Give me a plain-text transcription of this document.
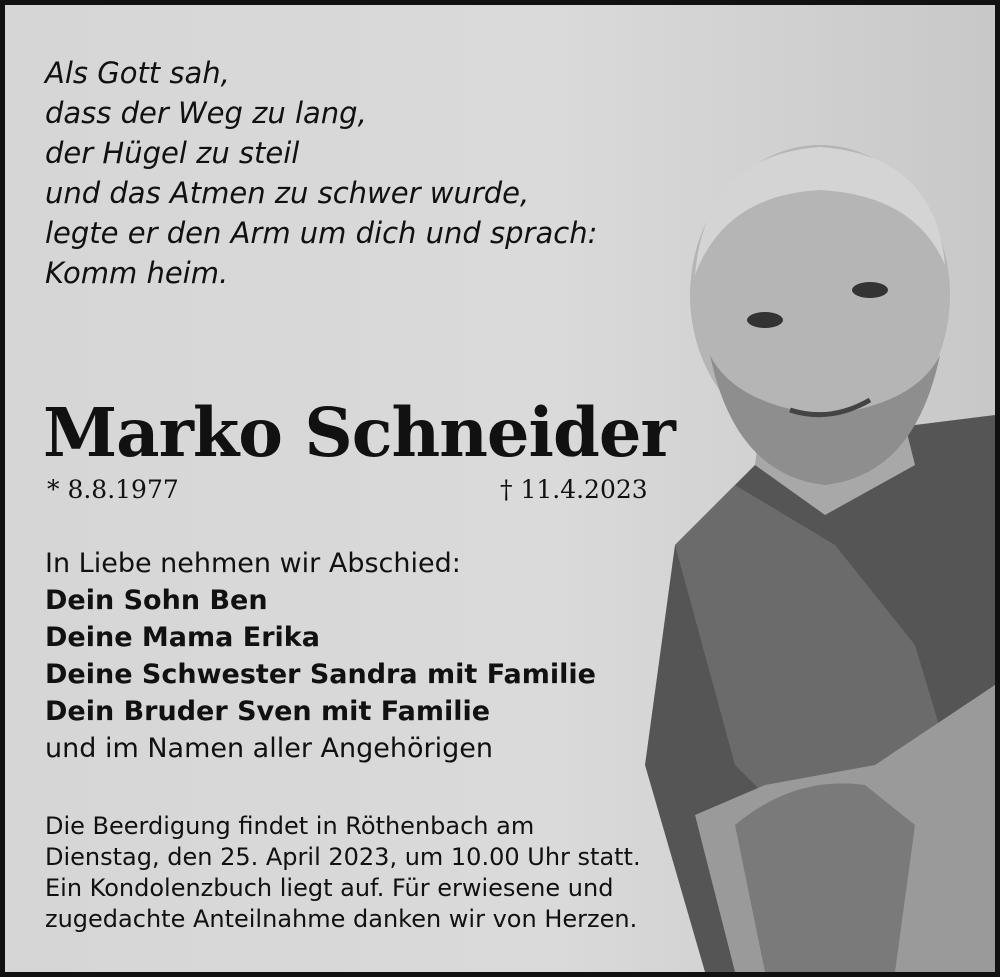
Als Gott sah,
dass der Weg zu lang,
der Hügel zu steil
und das Atmen zu schwer wurde,
legte er den Arm um dich und sprach:
Komm heim.
Marko Schneider
* 8.8.1977	† 11.4.2023
In Liebe nehmen wir Abschied:
Dein Sohn Ben
Deine Mama Erika
Deine Schwester Sandra mit Familie
Dein Bruder Sven mit Familie
und im Namen aller Angehörigen
Die Beerdigung findet in Röthenbach am
Dienstag, den 25. April 2023, um 10.00 Uhr statt.
Ein Kondolenzbuch liegt auf. Für erwiesene und
zugedachte Anteilnahme danken wir von Herzen.
